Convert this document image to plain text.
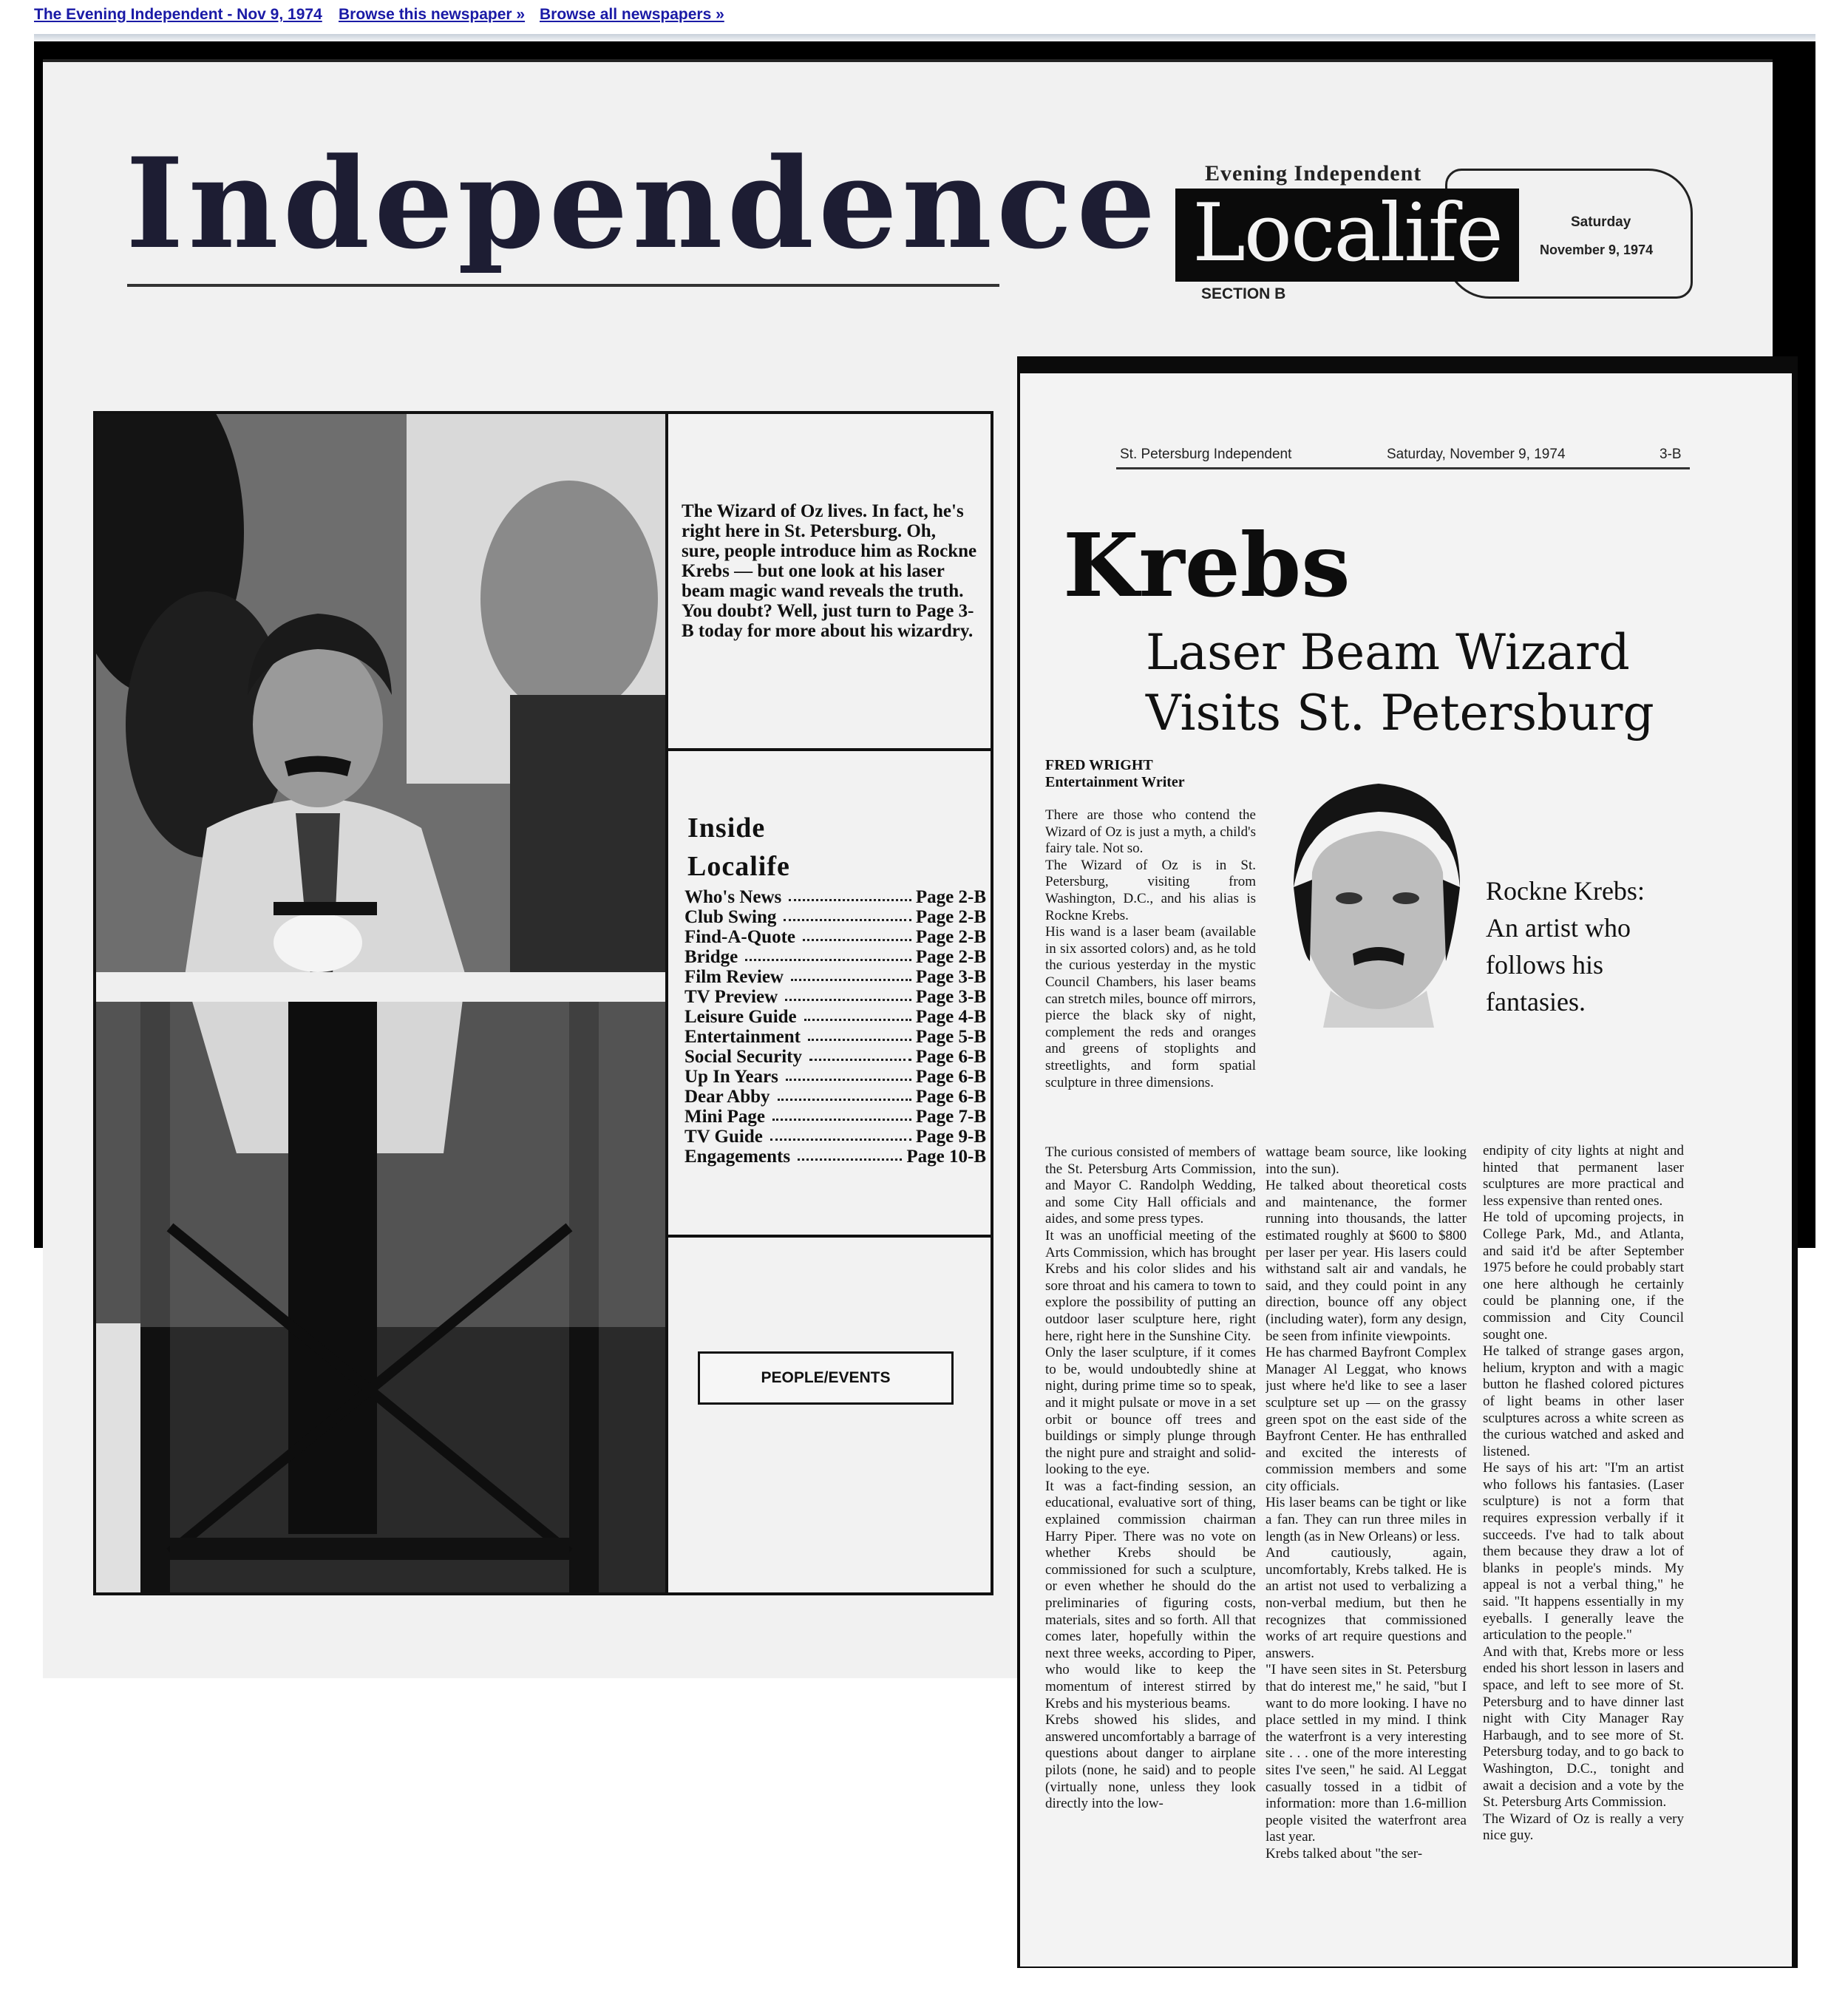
The Evening Independent - Nov 9, 1974 Browse this newspaper » Browse all newspapers »
Independence Evening Independent
Localife	Saturday
November 9, 1974
SECTION B
The Wizard of Oz lives. In fact, he's right here in St. Petersburg. Oh, sure, people introduce him as Rockne Krebs — but one look at his laser beam magic wand reveals the truth. You doubt? Well, just turn to Page 3-B today for more about his wizardry.
Inside
Localife
Who's News	Page 2-B
Club Swing	Page 2-B
Find-A-Quote	Page 2-B
Bridge	Page 2-B
Film Review	Page 3-B
TV Preview	Page 3-B
Leisure Guide	Page 4-B
Entertainment	Page 5-B
Social Security	Page 6-B
Up In Years	Page 6-B
Dear Abby	Page 6-B
Mini Page	Page 7-B
TV Guide	Page 9-B
Engagements	Page 10-B
PEOPLE/EVENTS
St. Petersburg Independent	Saturday, November 9, 1974	3-B
Krebs
Laser Beam Wizard
Visits St. Petersburg
FRED WRIGHT
Entertainment Writer
Rockne Krebs: An artist who follows his fantasies.
There are those who contend the Wizard of Oz is just a myth, a child's fairy tale. Not so.
The Wizard of Oz is in St. Petersburg, visiting from Washington, D.C., and his alias is Rockne Krebs.
His wand is a laser beam (available in six assorted colors) and, as he told the curious yesterday in the mystic Council Chambers, his laser beams can stretch miles, bounce off mirrors, pierce the black sky of night, complement the reds and oranges and greens of stoplights and streetlights, and form spatial sculpture in three dimensions.
The curious consisted of members of the St. Petersburg Arts Commission, and Mayor C. Randolph Wedding, and some City Hall officials and aides, and some press types.
It was an unofficial meeting of the Arts Commission, which has brought Krebs and his color slides and his sore throat and his camera to town to explore the possibility of putting an outdoor laser sculpture here, right here, right here in the Sunshine City.
Only the laser sculpture, if it comes to be, would undoubtedly shine at night, during prime time so to speak, and it might pulsate or move in a set orbit or bounce off trees and buildings or simply plunge through the night pure and straight and solid-looking to the eye.
It was a fact-finding session, an educational, evaluative sort of thing, explained commission chairman Harry Piper. There was no vote on whether Krebs should be commissioned for such a sculpture, or even whether he should do the preliminaries of figuring costs, materials, sites and so forth. All that comes later, hopefully within the next three weeks, according to Piper, who would like to keep the momentum of interest stirred by Krebs and his mysterious beams.
Krebs showed his slides, and answered uncomfortably a barrage of questions about danger to airplane pilots (none, he said) and to people (virtually none, unless they look directly into the low-
wattage beam source, like looking into the sun).
He talked about theoretical costs and maintenance, the former running into thousands, the latter estimated roughly at $600 to $800 per laser per year. His lasers could withstand salt air and vandals, he said, and they could point in any direction, bounce off any object (including water), form any design, be seen from infinite viewpoints.
He has charmed Bayfront Complex Manager Al Leggat, who knows just where he'd like to see a laser sculpture set up — on the grassy green spot on the east side of the Bayfront Center. He has enthralled and excited the interests of commission members and some city officials.
His laser beams can be tight or like a fan. They can run three miles in length (as in New Orleans) or less.
And cautiously, again, uncomfortably, Krebs talked. He is an artist not used to verbalizing a non-verbal medium, but then he recognizes that commissioned works of art require questions and answers.
"I have seen sites in St. Petersburg that do interest me," he said, "but I want to do more looking. I have no place settled in my mind. I think the waterfront is a very interesting site . . . one of the more interesting sites I've seen," he said. Al Leggat casually tossed in a tidbit of information: more than 1.6-million people visited the waterfront area last year.
Krebs talked about "the ser-
endipity of city lights at night and hinted that permanent laser sculptures are more practical and less expensive than rented ones.
He told of upcoming projects, in College Park, Md., and Atlanta, and said it'd be after September 1975 before he could probably start one here although he certainly could be planning one, if the commission and City Council sought one.
He talked of strange gases argon, helium, krypton and with a magic button he flashed colored pictures of light beams in other laser sculptures across a white screen as the curious watched and asked and listened.
He says of his art: "I'm an artist who follows his fantasies. (Laser sculpture) is not a form that requires expression verbally if it succeeds. I've had to talk about them because they draw a lot of blanks in people's minds. My appeal is not a verbal thing," he said. "It happens essentially in my eyeballs. I generally leave the articulation to the people."
And with that, Krebs more or less ended his short lesson in lasers and space, and left to see more of St. Petersburg and to have dinner last night with City Manager Ray Harbaugh, and to see more of St. Petersburg today, and to go back to Washington, D.C., tonight and await a decision and a vote by the St. Petersburg Arts Commission.
The Wizard of Oz is really a very nice guy.
